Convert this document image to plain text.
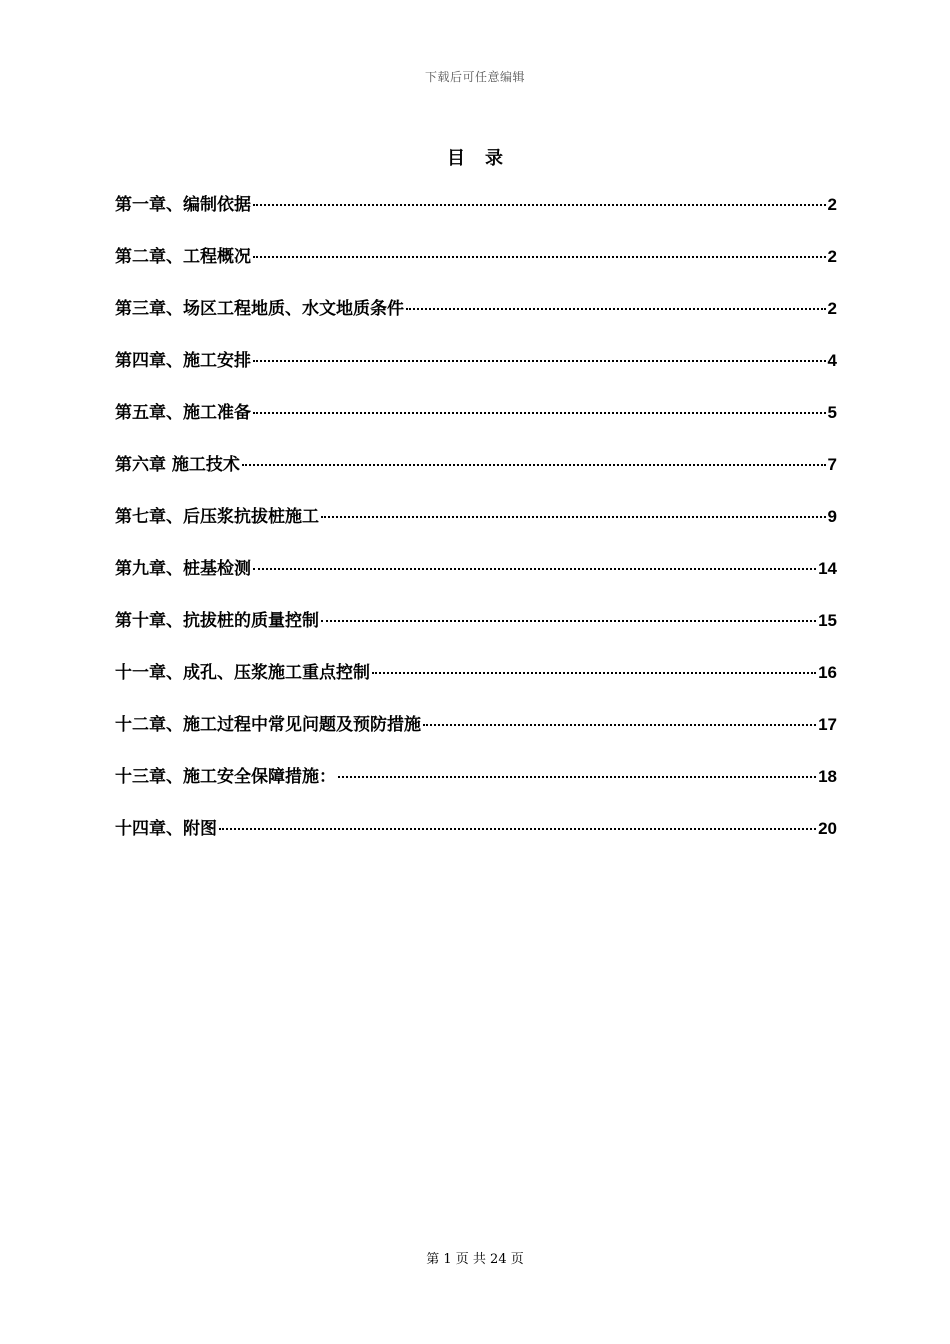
下载后可任意编辑
目录
第一章、编制依据	2
第二章、工程概况	2
第三章、场区工程地质、水文地质条件	2
第四章、施工安排	4
第五章、施工准备	5
第六章 施工技术	7
第七章、后压浆抗拔桩施工	9
第九章、桩基检测	14
第十章、抗拔桩的质量控制	15
十一章、成孔、压浆施工重点控制	16
十二章、施工过程中常见问题及预防措施	17
十三章、施工安全保障措施：	18
十四章、附图	20
第 1 页 共 24 页
